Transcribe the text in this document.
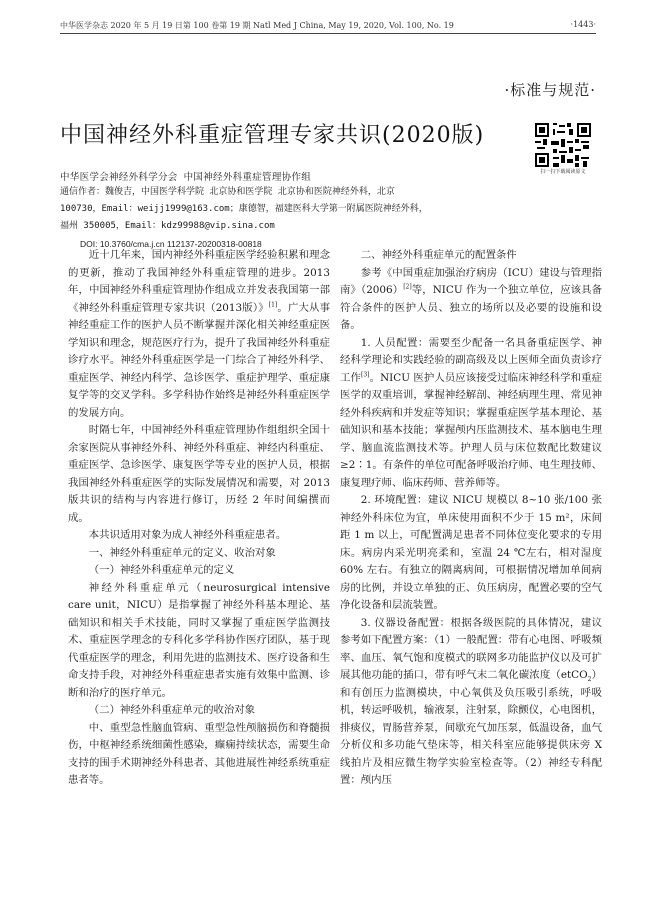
中华医学杂志 2020 年 5 月 19 日第 100 卷第 19 期 Natl Med J China, May 19, 2020, Vol. 100, No. 19	·1443·
·标准与规范·
中国神经外科重症管理专家共识(2020版)
扫一扫下载阅读原文
中华医学会神经外科学分会 中国神经外科重症管理协作组

通信作者：魏俊吉，中国医学科学院 北京协和医学院 北京协和医院神经外科，北京

100730，Email：weijj1999@163.com；康德智，福建医科大学第一附属医院神经外科，

福州 350005，Email：kdz99988@vip.sina.com

DOI: 10.3760/cma.j.cn 112137-20200318-00818

近十几年来，国内神经外科重症医学经验积累和理念的更新，推动了我国神经外科重症管理的进步。2013 年，中国神经外科重症管理协作组成立并发表我国第一部《神经外科重症管理专家共识（2013版）》[1]。广大从事神经重症工作的医护人员不断掌握并深化相关神经重症医学知识和理念，规范医疗行为，提升了我国神经外科重症诊疗水平。神经外科重症医学是一门综合了神经外科学、重症医学、神经内科学、急诊医学、重症护理学、重症康复学等的交叉学科。多学科协作始终是神经外科重症医学的发展方向。

时隔七年，中国神经外科重症管理协作组组织全国十余家医院从事神经外科、神经外科重症、神经内科重症、重症医学、急诊医学、康复医学等专业的医护人员，根据我国神经外科重症医学的实际发展情况和需要，对 2013 版共识的结构与内容进行修订，历经 2 年时间编撰而成。

本共识适用对象为成人神经外科重症患者。

一、神经外科重症单元的定义、收治对象

（一）神经外科重症单元的定义

神经外科重症单元（neurosurgical intensive care unit，NICU）是指掌握了神经外科基本理论、基础知识和相关手术技能，同时又掌握了重症医学监测技术、重症医学理念的专科化多学科协作医疗团队，基于现代重症医学的理念，利用先进的监测技术、医疗设备和生命支持手段，对神经外科重症患者实施有效集中监测、诊断和治疗的医疗单元。

（二）神经外科重症单元的收治对象

中、重型急性脑血管病、重型急性颅脑损伤和脊髓损伤，中枢神经系统细菌性感染，癫痫持续状态，需要生命支持的围手术期神经外科患者、其他进展性神经系统重症患者等。

二、神经外科重症单元的配置条件

参考《中国重症加强治疗病房（ICU）建设与管理指南》（2006）[2]等，NICU 作为一个独立单位，应该具备符合条件的医护人员、独立的场所以及必要的设施和设备。

1. 人员配置：需要至少配备一名具备重症医学、神经科学理论和实践经验的副高级及以上医师全面负责诊疗工作[3]。NICU 医护人员应该接受过临床神经科学和重症医学的双重培训，掌握神经解剖、神经病理生理、常见神经外科疾病和并发症等知识；掌握重症医学基本理论、基础知识和基本技能；掌握颅内压监测技术、基本脑电生理学、脑血流监测技术等。护理人员与床位数配比数建议≥2∶1。有条件的单位可配备呼吸治疗师、电生理技师、康复理疗师、临床药师、营养师等。

2. 环境配置：建议 NICU 规模以 8~10 张/100 张神经外科床位为宜，单床使用面积不少于 15 m²，床间距 1 m 以上，可配置满足患者不同体位变化要求的专用床。病房内采光明亮柔和，室温 24 ℃左右，相对湿度 60% 左右。有独立的隔离病间，可根据情况增加单间病房的比例，并设立单独的正、负压病房，配置必要的空气净化设备和层流装置。

3. 仪器设备配置：根据各级医院的具体情况，建议参考如下配置方案：（1）一般配置：带有心电图、呼吸频率、血压、氧气饱和度模式的联网多功能监护仪以及可扩展其他功能的插口，带有呼气末二氧化碳浓度（etCO$_2$）和有创压力监测模块，中心氧供及负压吸引系统，呼吸机，转运呼吸机，输液泵，注射泵，除颤仪，心电图机，排痰仪，胃肠营养泵，间歇充气加压泵，低温设备，血气分析仪和多功能气垫床等，相关科室应能够提供床旁 X 线拍片及相应微生物学实验室检查等。（2）神经专科配置：颅内压
